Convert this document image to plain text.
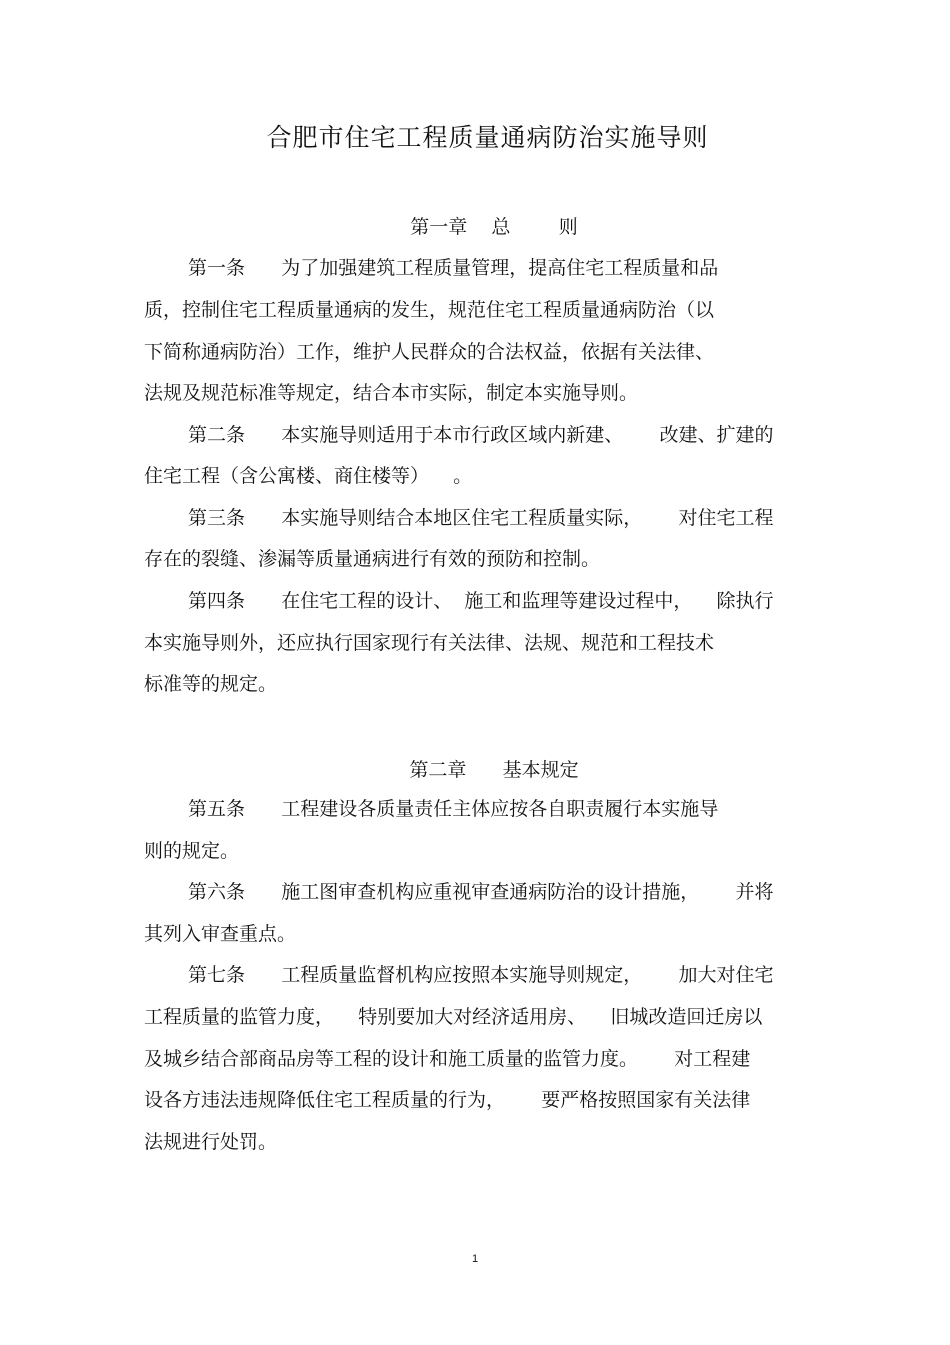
合肥市住宅工程质量通病防治实施导则
第一章    总        则
第一条      为了加强建筑工程质量管理，提高住宅工程质量和品
质，控制住宅工程质量通病的发生，规范住宅工程质量通病防治（以
下简称通病防治）工作，维护人民群众的合法权益，依据有关法律、
法规及规范标准等规定，结合本市实际，制定本实施导则。
第二条      本实施导则适用于本市行政区域内新建、      改建、扩建的
住宅工程（含公寓楼、商住楼等）    。
第三条      本实施导则结合本地区住宅工程质量实际，      对住宅工程
存在的裂缝、渗漏等质量通病进行有效的预防和控制。
第四条      在住宅工程的设计、  施工和监理等建设过程中，    除执行
本实施导则外，还应执行国家现行有关法律、法规、规范和工程技术
标准等的规定。
第二章      基本规定
第五条      工程建设各质量责任主体应按各自职责履行本实施导
则的规定。
第六条      施工图审查机构应重视审查通病防治的设计措施，      并将
其列入审查重点。
第七条      工程质量监督机构应按照本实施导则规定，      加大对住宅
工程质量的监管力度，    特别要加大对经济适用房、    旧城改造回迁房以
及城乡结合部商品房等工程的设计和施工质量的监管力度。      对工程建
设各方违法违规降低住宅工程质量的行为，      要严格按照国家有关法律
法规进行处罚。
1
